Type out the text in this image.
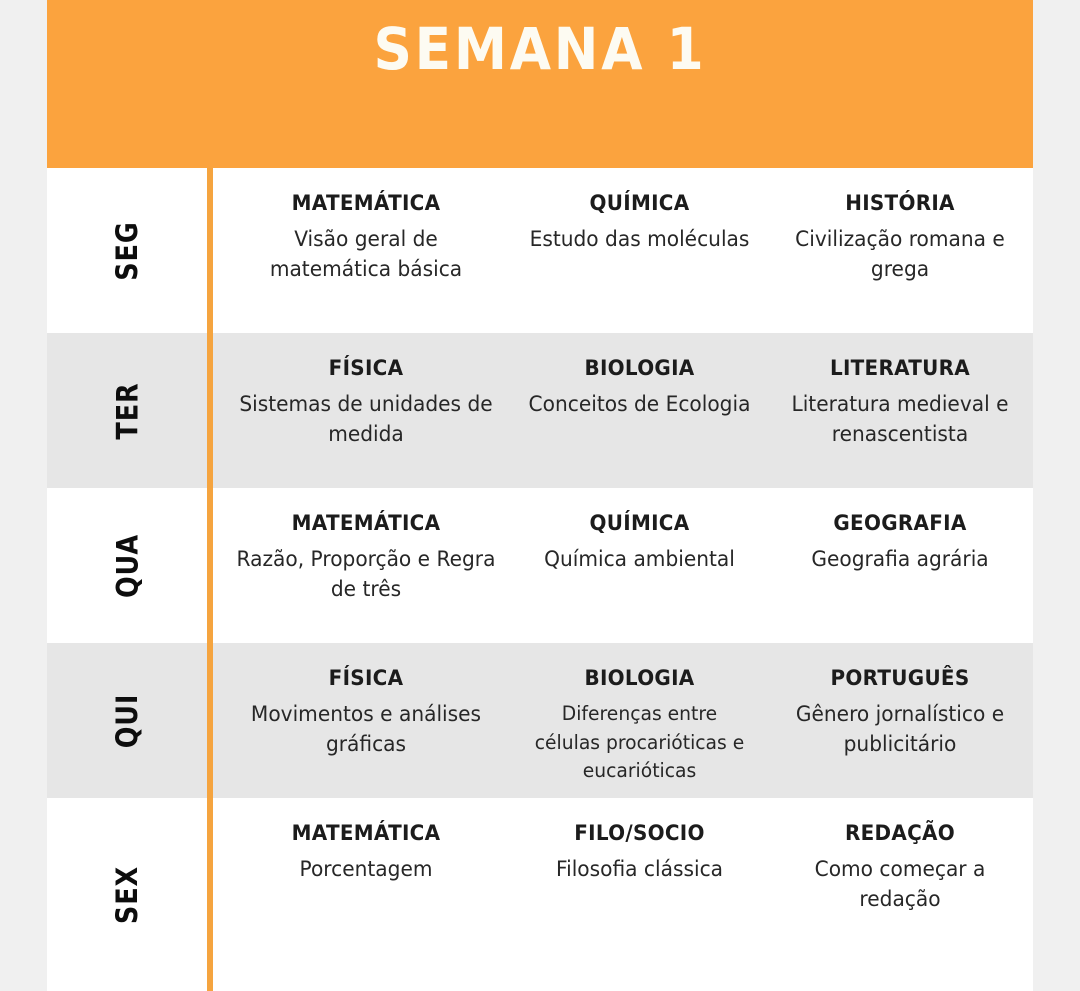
SEMANA 1
SEG

MATEMÁTICA

Visão geral de matemática básica

QUÍMICA

Estudo das moléculas

HISTÓRIA

Civilização romana e grega

TER

FÍSICA

Sistemas de unidades de medida

BIOLOGIA

Conceitos de Ecologia

LITERATURA

Literatura medieval e renascentista

QUA

MATEMÁTICA

Razão, Proporção e Regra de três

QUÍMICA

Química ambiental

GEOGRAFIA

Geografia agrária

QUI

FÍSICA

Movimentos e análises gráficas

BIOLOGIA

Diferenças entre células procarióticas e eucarióticas

PORTUGUÊS

Gênero jornalístico e publicitário

SEX

MATEMÁTICA

Porcentagem

FILO/SOCIO

Filosofia clássica

REDAÇÃO

Como começar a redação
